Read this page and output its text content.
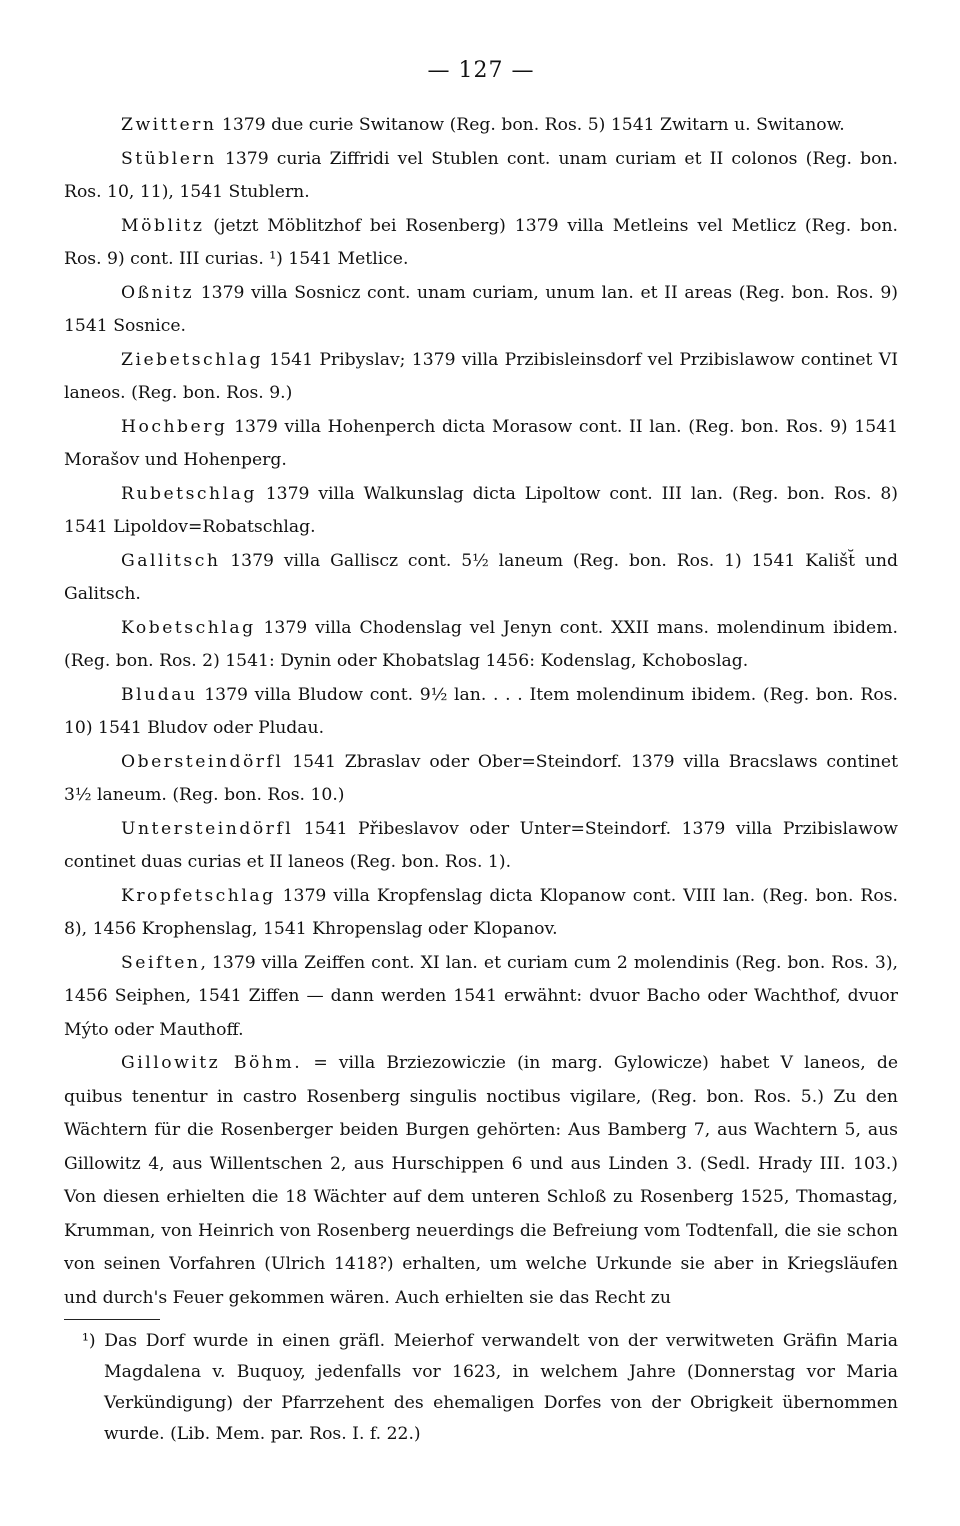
— 127 —

Zwittern 1379 due curie Switanow (Reg. bon. Ros. 5) 1541 Zwitarn u. Switanow.

Stüblern 1379 curia Ziffridi vel Stublen cont. unam curiam et II colonos (Reg. bon. Ros. 10, 11), 1541 Stublern.

Möblitz (jetzt Möblitzhof bei Rosenberg) 1379 villa Metleins vel Metlicz (Reg. bon. Ros. 9) cont. III curias. ¹) 1541 Metlice.

Oßnitz 1379 villa Sosnicz cont. unam curiam, unum lan. et II areas (Reg. bon. Ros. 9) 1541 Sosnice.

Ziebetschlag 1541 Pribyslav; 1379 villa Przibisleinsdorf vel Przibislawow continet VI laneos. (Reg. bon. Ros. 9.)

Hochberg 1379 villa Hohenperch dicta Morasow cont. II lan. (Reg. bon. Ros. 9) 1541 Morašov und Hohenperg.

Rubetschlag 1379 villa Walkunslag dicta Lipoltow cont. III lan. (Reg. bon. Ros. 8) 1541 Lipoldov=Robatschlag.

Gallitsch 1379 villa Galliscz cont. 5½ laneum (Reg. bon. Ros. 1) 1541 Kališt̆ und Galitsch.

Kobetschlag 1379 villa Chodenslag vel Jenyn cont. XXII mans. molendinum ibidem. (Reg. bon. Ros. 2) 1541: Dynin oder Khobatslag 1456: Kodenslag, Kchoboslag.

Bludau 1379 villa Bludow cont. 9½ lan. . . . Item molendinum ibidem. (Reg. bon. Ros. 10) 1541 Bludov oder Pludau.

Obersteindörfl 1541 Zbraslav oder Ober=Steindorf. 1379 villa Bracslaws continet 3½ laneum. (Reg. bon. Ros. 10.)

Untersteindörfl 1541 Přibeslavov oder Unter=Steindorf. 1379 villa Przibislawow continet duas curias et II laneos (Reg. bon. Ros. 1).

Kropfetschlag 1379 villa Kropfenslag dicta Klopanow cont. VIII lan. (Reg. bon. Ros. 8), 1456 Krophenslag, 1541 Khropenslag oder Klopanov.

Seiften, 1379 villa Zeiffen cont. XI lan. et curiam cum 2 molendinis (Reg. bon. Ros. 3), 1456 Seiphen, 1541 Ziffen — dann werden 1541 erwähnt: dvuor Bacho oder Wachthof, dvuor Mýto oder Mauthoff.

Gillowitz Böhm. = villa Brziezowiczie (in marg. Gylowicze) habet V laneos, de quibus tenentur in castro Rosenberg singulis noctibus vigilare, (Reg. bon. Ros. 5.) Zu den Wächtern für die Rosenberger beiden Burgen gehörten: Aus Bamberg 7, aus Wachtern 5, aus Gillowitz 4, aus Willentschen 2, aus Hurschippen 6 und aus Linden 3. (Sedl. Hrady III. 103.) Von diesen erhielten die 18 Wächter auf dem unteren Schloß zu Rosenberg 1525, Thomastag, Krumman, von Heinrich von Rosenberg neuerdings die Befreiung vom Todtenfall, die sie schon von seinen Vorfahren (Ulrich 1418?) erhalten, um welche Urkunde sie aber in Kriegsläufen und durch's Feuer gekommen wären. Auch erhielten sie das Recht zu

¹) Das Dorf wurde in einen gräfl. Meierhof verwandelt von der verwitweten Gräfin Maria Magdalena v. Buquoy, jedenfalls vor 1623, in welchem Jahre (Donnerstag vor Maria Verkündigung) der Pfarrzehent des ehemaligen Dorfes von der Obrigkeit übernommen wurde. (Lib. Mem. par. Ros. I. f. 22.)
